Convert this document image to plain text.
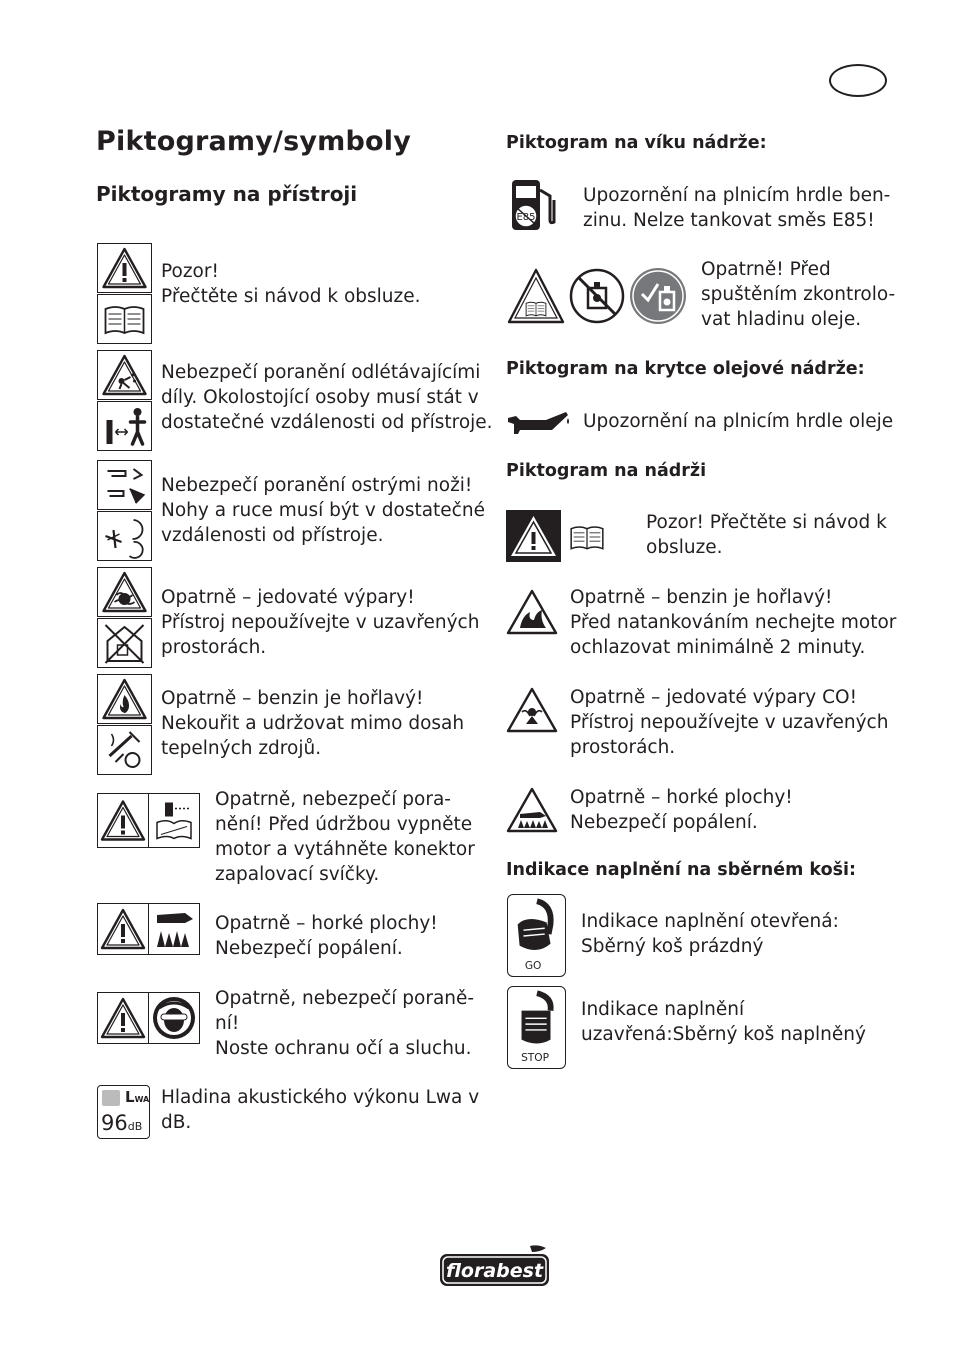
Piktogramy/symboly
Piktogramy na přístroji
Pozor!
Přečtěte si návod k obsluze.
Nebezpečí poranění odlétávajícími
díly. Okolostojící osoby musí stát v
dostatečné vzdálenosti od přístroje.
Nebezpečí poranění ostrými noži!
Nohy a ruce musí být v dostatečné
vzdálenosti od přístroje.
Opatrně – jedovaté výpary!
Přístroj nepoužívejte v uzavřených
prostorách.
Opatrně – benzin je hořlavý!
Nekouřit a udržovat mimo dosah
tepelných zdrojů.
Opatrně, nebezpečí pora-
nění! Před údržbou vypněte
motor a vytáhněte konektor
zapalovací svíčky.
Opatrně – horké plochy!
Nebezpečí popálení.
Opatrně, nebezpečí poraně-
ní!
Noste ochranu očí a sluchu.
LWA
96dB
Hladina akustického výkonu Lwa v
dB.
Piktogram na víku nádrže:
E85
Upozornění na plnicím hrdle ben-
zinu. Nelze tankovat směs E85!
Opatrně! Před
spuštěním zkontrolo-
vat hladinu oleje.
Piktogram na krytce olejové nádrže:
Upozornění na plnicím hrdle oleje
Piktogram na nádrži
Pozor! Přečtěte si návod k
obsluze.
Opatrně – benzin je hořlavý!
Před natankováním nechejte motor
ochlazovat minimálně 2 minuty.
Opatrně – jedovaté výpary CO!
Přístroj nepoužívejte v uzavřených
prostorách.
Opatrně – horké plochy!
Nebezpečí popálení.
Indikace naplnění na sběrném koši:
GO
Indikace naplnění otevřená:
Sběrný koš prázdný
STOP
Indikace naplnění
uzavřená:Sběrný koš naplněný
florabest
